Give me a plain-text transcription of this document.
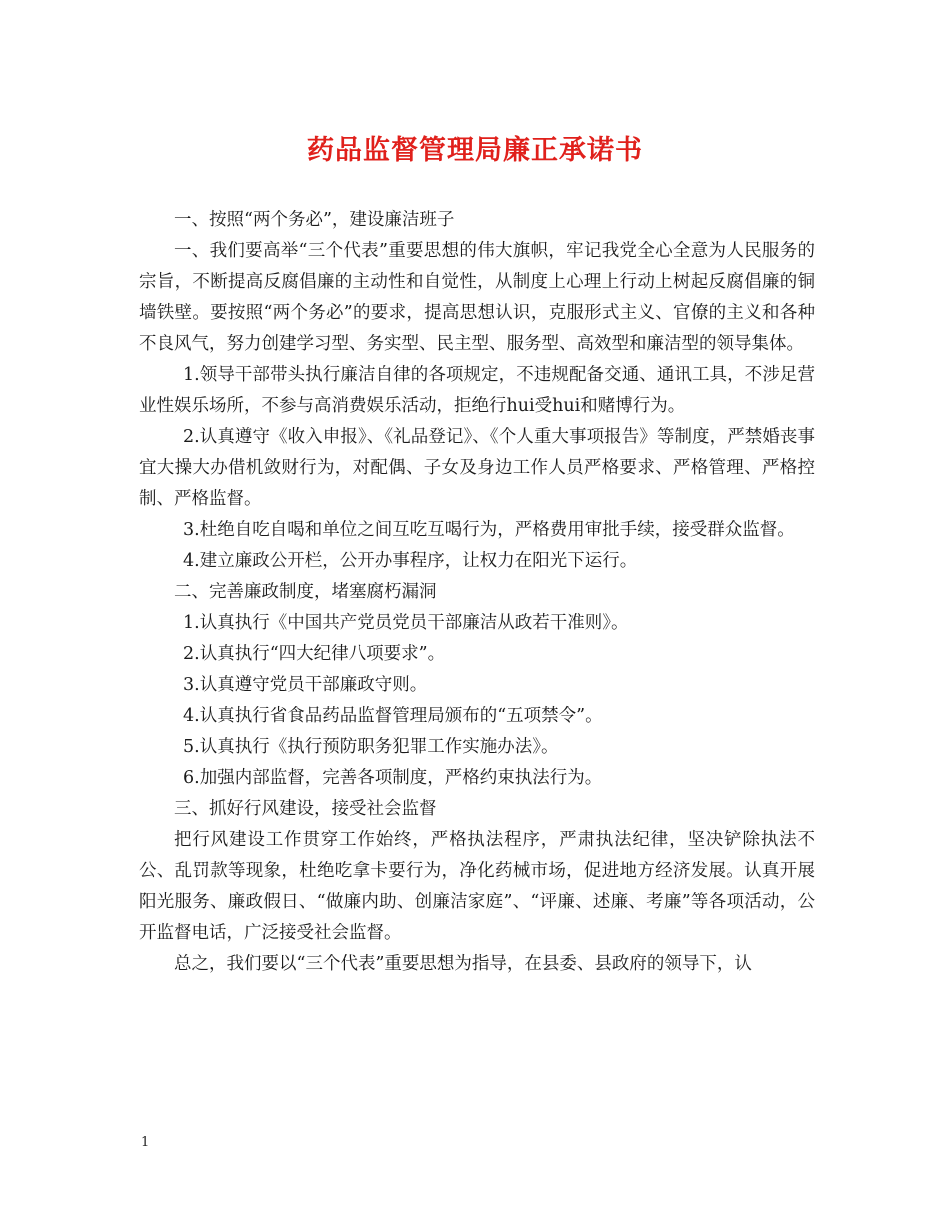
药品监督管理局廉正承诺书

一、按照“两个务必”，建设廉洁班子

一、我们要高举“三个代表”重要思想的伟大旗帜，牢记我党全心全意为人民服务的宗旨，不断提高反腐倡廉的主动性和自觉性，从制度上心理上行动上树起反腐倡廉的铜墙铁壁。要按照“两个务必”的要求，提高思想认识，克服形式主义、官僚的主义和各种不良风气，努力创建学习型、务实型、民主型、服务型、高效型和廉洁型的领导集体。

1.领导干部带头执行廉洁自律的各项规定，不违规配备交通、通讯工具，不涉足营业性娱乐场所，不参与高消费娱乐活动，拒绝行hui受hui和赌博行为。

2.认真遵守《收入申报》、《礼品登记》、《个人重大事项报告》等制度，严禁婚丧事宜大操大办借机敛财行为，对配偶、子女及身边工作人员严格要求、严格管理、严格控制、严格监督。

3.杜绝自吃自喝和单位之间互吃互喝行为，严格费用审批手续，接受群众监督。

4.建立廉政公开栏，公开办事程序，让权力在阳光下运行。

二、完善廉政制度，堵塞腐朽漏洞

1.认真执行《中国共产党员党员干部廉洁从政若干准则》。

2.认真执行“四大纪律八项要求”。

3.认真遵守党员干部廉政守则。

4.认真执行省食品药品监督管理局颁布的“五项禁令”。

5.认真执行《执行预防职务犯罪工作实施办法》。

6.加强内部监督，完善各项制度，严格约束执法行为。

三、抓好行风建设，接受社会监督

把行风建设工作贯穿工作始终，严格执法程序，严肃执法纪律，坚决铲除执法不公、乱罚款等现象，杜绝吃拿卡要行为，净化药械市场，促进地方经济发展。认真开展阳光服务、廉政假日、“做廉内助、创廉洁家庭”、“评廉、述廉、考廉”等各项活动，公开监督电话，广泛接受社会监督。

总之，我们要以“三个代表”重要思想为指导，在县委、县政府的领导下，认

1
